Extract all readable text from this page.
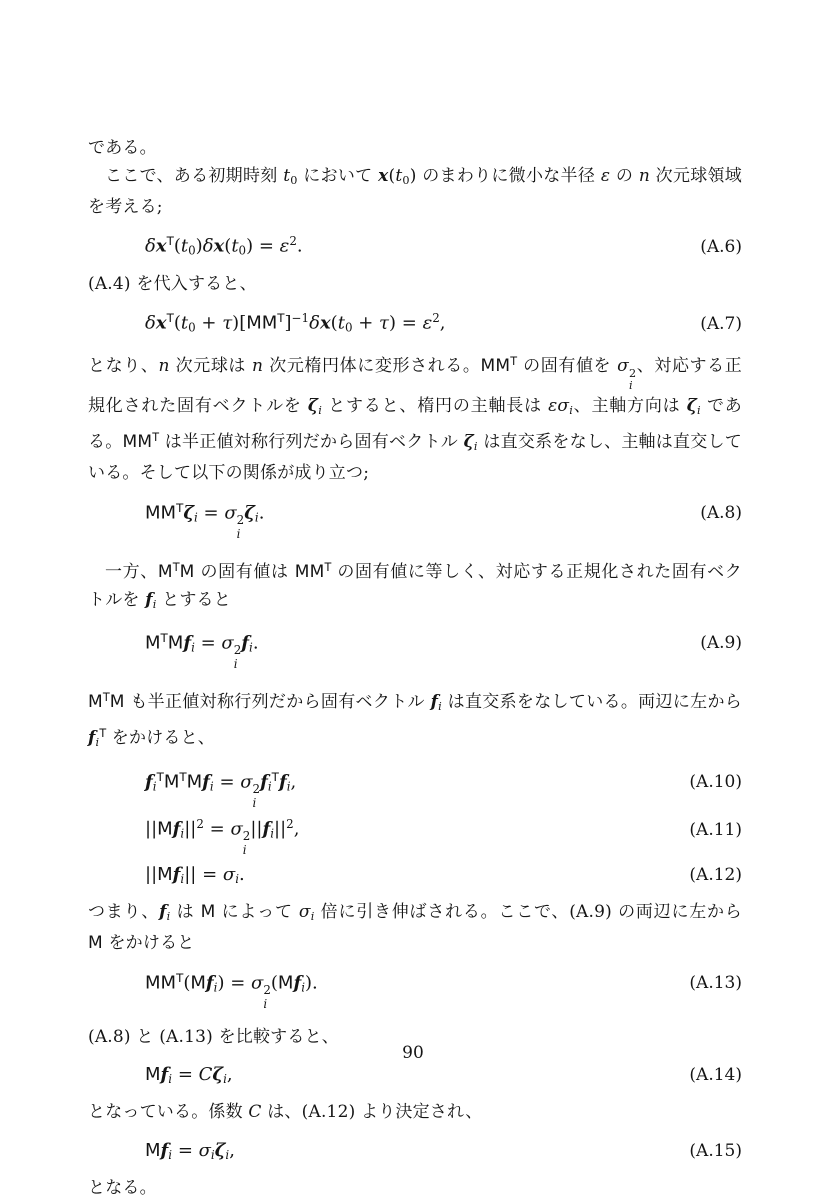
である。

ここで、ある初期時刻 t0 において x(t0) のまわりに微小な半径 ε の n 次元球領域を考える;

$\delta x^T(t0)\delta x(t0) = \varepsilon^2$.	(A.6)

(A.4) を代入すると、

$\delta x^T(t0 + \tau)[MM^T]^{-1}\delta x(t0 + \tau) = \varepsilon^2$,	(A.7)

となり、n 次元球は n 次元楕円体に変形される。$MM^T$ の固有値を σ 2
i
、対応する正規化された固有ベクトルを ζi とすると、楕円の主軸長は εσi、主軸方向は ζi である。$MM^T$ は半正値対称行列だから固有ベクトル ζi は直交系をなし、主軸は直交している。そして以下の関係が成り立つ;

$MM^T\zeta i = \sigma$ 2
i
ζi.	(A.8)

一方、$M^TM$ の固有値は $MM^T$ の固有値に等しく、対応する正規化された固有ベクトルを fi とすると

$M^TMfi = \sigma$ 2
i
fi.	(A.9)

$M^TM$ も半正値対称行列だから固有ベクトル fi は直交系をなしている。両辺に左から $fi^T$ をかけると、

$fi^TM^TMfi = \sigma$ 2
i
$fi^Tfi$,	(A.10)
$||Mfi||^2 = \sigma$ 2
i
$||fi||^2$,	(A.11)
||Mfi|| = σi.	(A.12)

つまり、fi は M によって σi 倍に引き伸ばされる。ここで、(A.9) の両辺に左から M をかけると

$MM^T(Mfi) = \sigma$ 2
i
(Mfi).	(A.13)

(A.8) と (A.13) を比較すると、

Mfi = Cζi,	(A.14)

となっている。係数 C は、(A.12) より決定され、

Mfi = σiζi,	(A.15)

となる。

90
